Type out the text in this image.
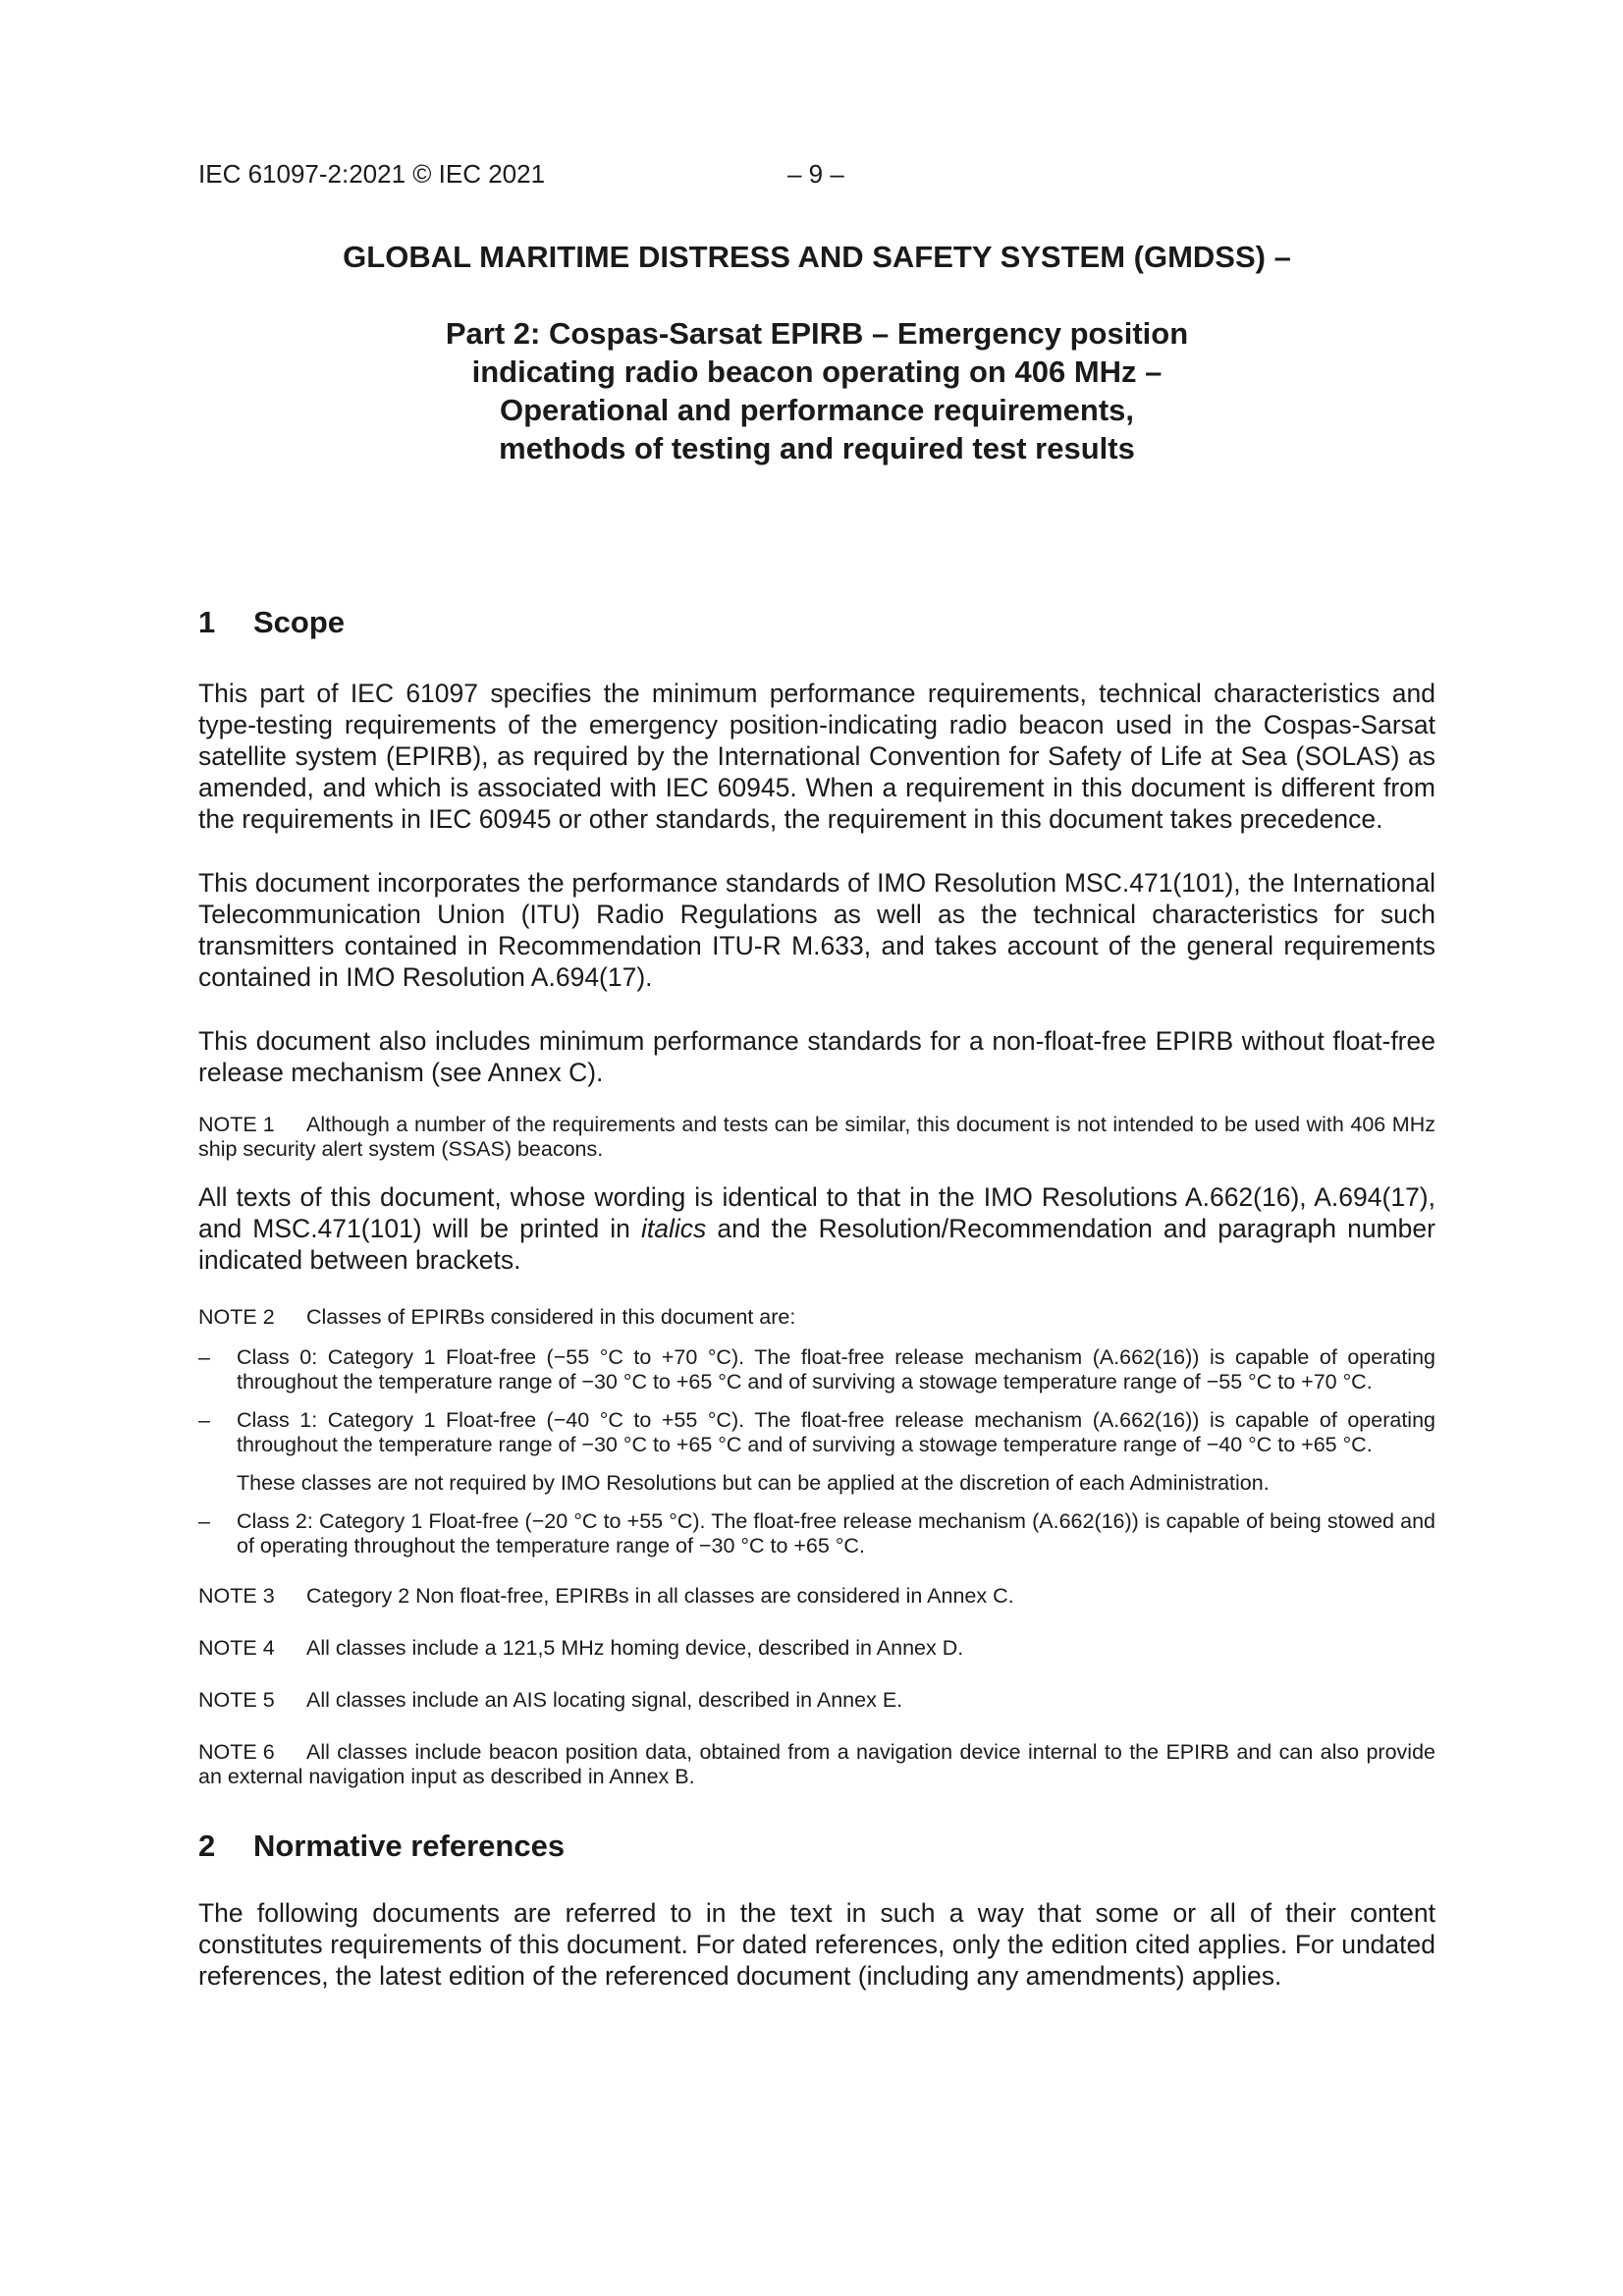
IEC 61097-2:2021 © IEC 2021	– 9 –
GLOBAL MARITIME DISTRESS AND SAFETY SYSTEM (GMDSS) –
Part 2: Cospas-Sarsat EPIRB – Emergency position
indicating radio beacon operating on 406 MHz –
Operational and performance requirements,
methods of testing and required test results
1 Scope

This part of IEC 61097 specifies the minimum performance requirements, technical characteristics and type-testing requirements of the emergency position-indicating radio beacon used in the Cospas-Sarsat satellite system (EPIRB), as required by the International Convention for Safety of Life at Sea (SOLAS) as amended, and which is associated with IEC 60945. When a requirement in this document is different from the requirements in IEC 60945 or other standards, the requirement in this document takes precedence.

This document incorporates the performance standards of IMO Resolution MSC.471(101), the International Telecommunication Union (ITU) Radio Regulations as well as the technical characteristics for such transmitters contained in Recommendation ITU-R M.633, and takes account of the general requirements contained in IMO Resolution A.694(17).

This document also includes minimum performance standards for a non-float-free EPIRB without float-free release mechanism (see Annex C).

NOTE 1 Although a number of the requirements and tests can be similar, this document is not intended to be used with 406 MHz ship security alert system (SSAS) beacons.

All texts of this document, whose wording is identical to that in the IMO Resolutions A.662(16), A.694(17), and MSC.471(101) will be printed in italics and the Resolution/Recommendation and paragraph number indicated between brackets.

NOTE 2 Classes of EPIRBs considered in this document are:

– Class 0: Category 1 Float-free (−55 °C to +70 °C). The float-free release mechanism (A.662(16)) is capable of operating throughout the temperature range of −30 °C to +65 °C and of surviving a stowage temperature range of −55 °C to +70 °C.
– Class 1: Category 1 Float-free (−40 °C to +55 °C). The float-free release mechanism (A.662(16)) is capable of operating throughout the temperature range of −30 °C to +65 °C and of surviving a stowage temperature range of −40 °C to +65 °C.

These classes are not required by IMO Resolutions but can be applied at the discretion of each Administration.

– Class 2: Category 1 Float-free (−20 °C to +55 °C). The float-free release mechanism (A.662(16)) is capable of being stowed and of operating throughout the temperature range of −30 °C to +65 °C.

NOTE 3 Category 2 Non float-free, EPIRBs in all classes are considered in Annex C.

NOTE 4 All classes include a 121,5 MHz homing device, described in Annex D.

NOTE 5 All classes include an AIS locating signal, described in Annex E.

NOTE 6 All classes include beacon position data, obtained from a navigation device internal to the EPIRB and can also provide an external navigation input as described in Annex B.

2 Normative references

The following documents are referred to in the text in such a way that some or all of their content constitutes requirements of this document. For dated references, only the edition cited applies. For undated references, the latest edition of the referenced document (including any amendments) applies.
